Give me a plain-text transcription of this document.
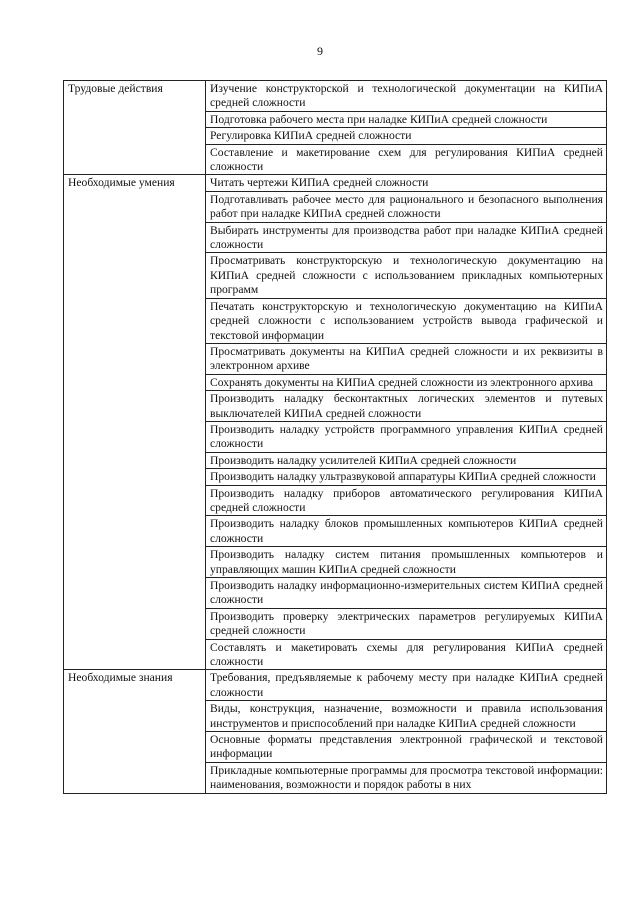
9
Трудовые действия	Изучение конструкторской и технологической документации на КИПиА средней сложности
	Подготовка рабочего места при наладке КИПиА средней сложности
	Регулировка КИПиА средней сложности
	Составление и макетирование схем для регулирования КИПиА средней сложности
Необходимые умения	Читать чертежи КИПиА средней сложности
	Подготавливать рабочее место для рационального и безопасного выполнения работ при наладке КИПиА средней сложности
	Выбирать инструменты для производства работ при наладке КИПиА средней сложности
	Просматривать конструкторскую и технологическую документацию на КИПиА средней сложности с использованием прикладных компьютерных программ
	Печатать конструкторскую и технологическую документацию на КИПиА средней сложности с использованием устройств вывода графической и текстовой информации
	Просматривать документы на КИПиА средней сложности и их реквизиты в электронном архиве
	Сохранять документы на КИПиА средней сложности из электронного архива
	Производить наладку бесконтактных логических элементов и путевых выключателей КИПиА средней сложности
	Производить наладку устройств программного управления КИПиА средней сложности
	Производить наладку усилителей КИПиА средней сложности
	Производить наладку ультразвуковой аппаратуры КИПиА средней сложности
	Производить наладку приборов автоматического регулирования КИПиА средней сложности
	Производить наладку блоков промышленных компьютеров КИПиА средней сложности
	Производить наладку систем питания промышленных компьютеров и управляющих машин КИПиА средней сложности
	Производить наладку информационно-измерительных систем КИПиА средней сложности
	Производить проверку электрических параметров регулируемых КИПиА средней сложности
	Составлять и макетировать схемы для регулирования КИПиА средней сложности
Необходимые знания	Требования, предъявляемые к рабочему месту при наладке КИПиА средней сложности
	Виды, конструкция, назначение, возможности и правила использования инструментов и приспособлений при наладке КИПиА средней сложности
	Основные форматы представления электронной графической и текстовой информации
	Прикладные компьютерные программы для просмотра текстовой информации: наименования, возможности и порядок работы в них
